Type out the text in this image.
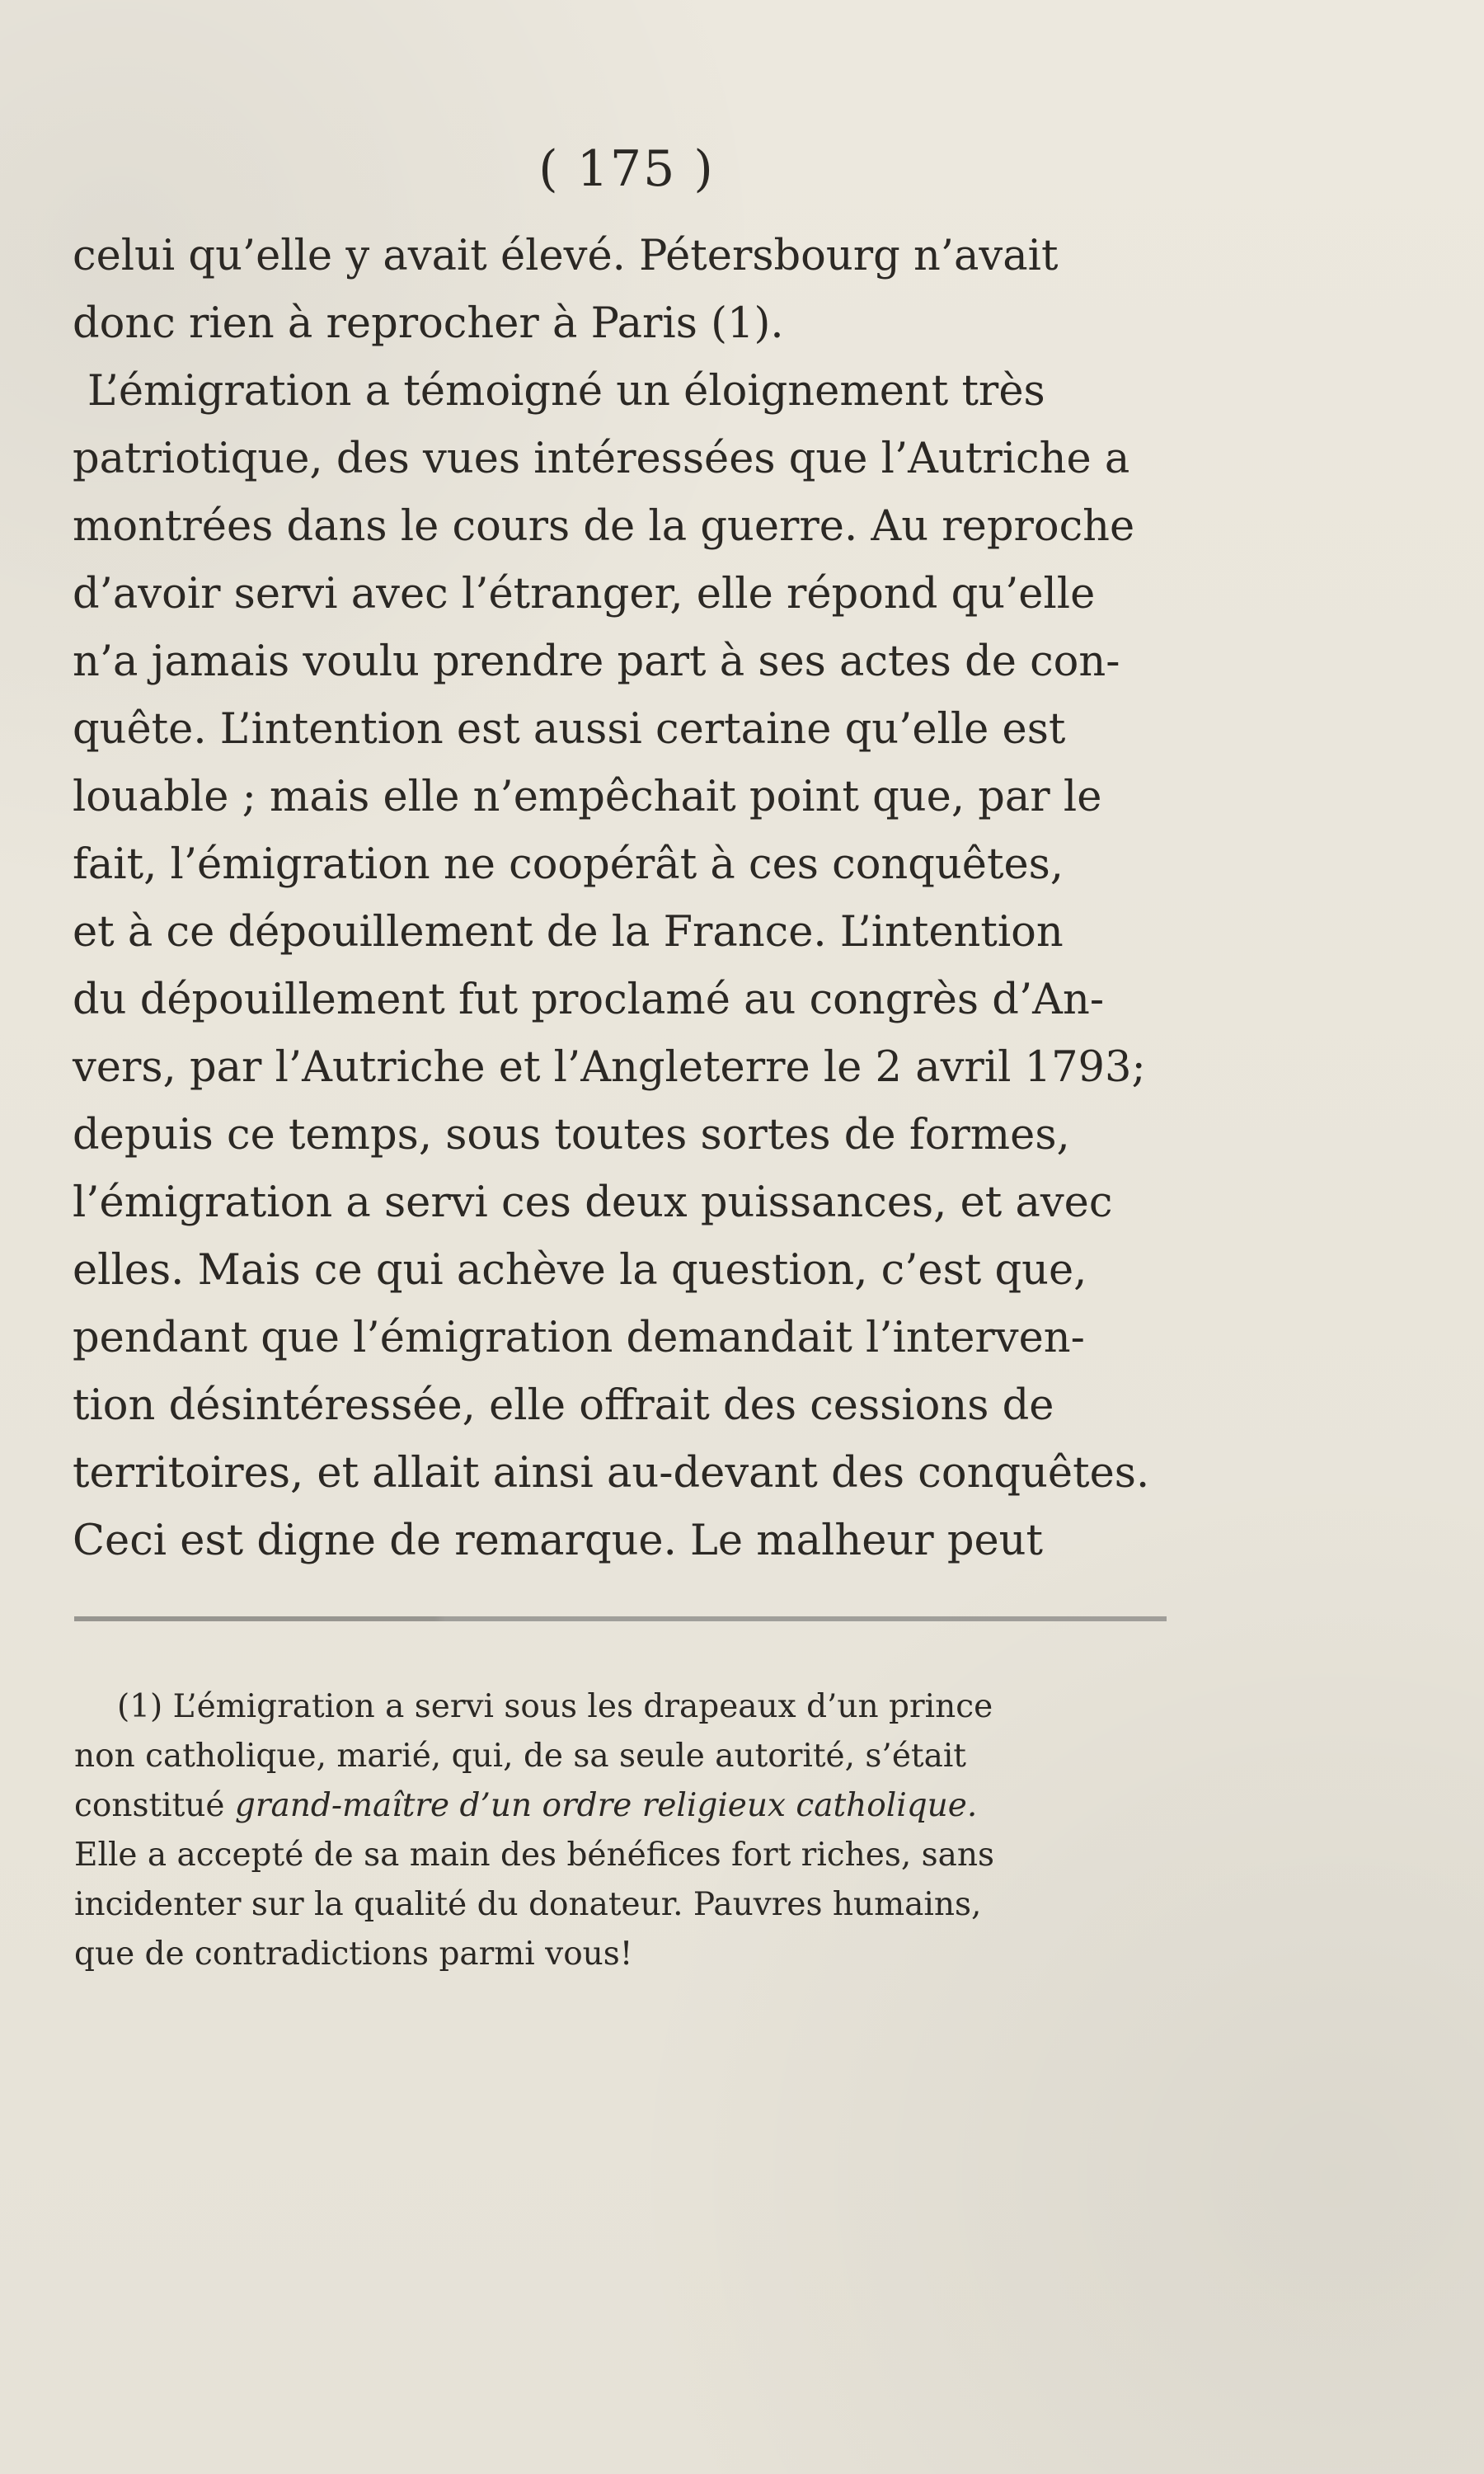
( 175 )
celui qu’elle y avait élevé. Pétersbourg n’avait
donc rien à reprocher à Paris (1).
L’émigration a témoigné un éloignement très
patriotique, des vues intéressées que l’Autriche a
montrées dans le cours de la guerre. Au reproche
d’avoir servi avec l’étranger, elle répond qu’elle
n’a jamais voulu prendre part à ses actes de con-
quête. L’intention est aussi certaine qu’elle est
louable ; mais elle n’empêchait point que, par le
fait, l’émigration ne coopérât à ces conquêtes,
et à ce dépouillement de la France. L’intention
du dépouillement fut proclamé au congrès d’An-
vers, par l’Autriche et l’Angleterre le 2 avril 1793;
depuis ce temps, sous toutes sortes de formes,
l’émigration a servi ces deux puissances, et avec
elles. Mais ce qui achève la question, c’est que,
pendant que l’émigration demandait l’interven-
tion désintéressée, elle offrait des cessions de
territoires, et allait ainsi au-devant des conquêtes.
Ceci est digne de remarque. Le malheur peut
(1) L’émigration a servi sous les drapeaux d’un prince
non catholique, marié, qui, de sa seule autorité, s’était
constitué grand-maître d’un ordre religieux catholique.
Elle a accepté de sa main des bénéfices fort riches, sans
incidenter sur la qualité du donateur. Pauvres humains,
que de contradictions parmi vous!
